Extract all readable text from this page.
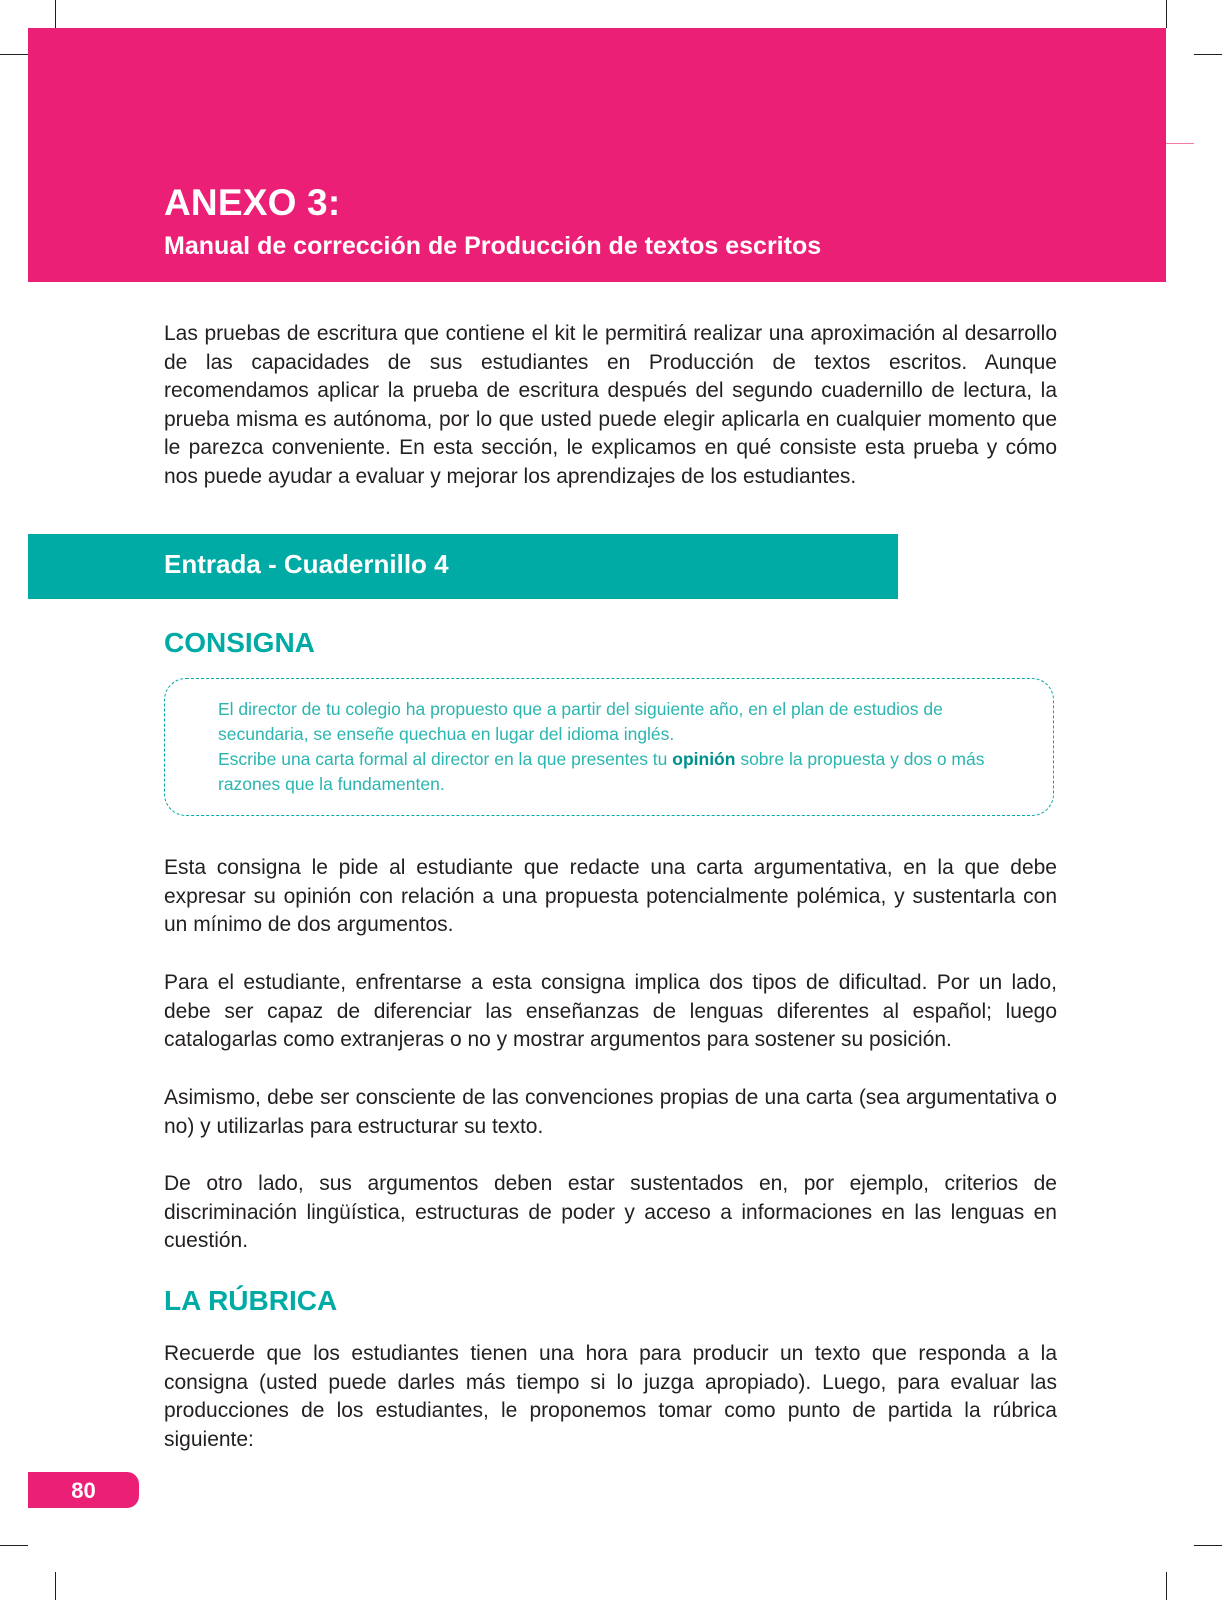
ANEXO 3:
Manual de corrección de Producción de textos escritos

Las pruebas de escritura que contiene el kit le permitirá realizar una aproximación al desarrollo de las capacidades de sus estudiantes en Producción de textos escritos. Aunque recomendamos aplicar la prueba de escritura después del segundo cuadernillo de lectura, la prueba misma es autónoma, por lo que usted puede elegir aplicarla en cualquier momento que le parezca conveniente. En esta sección, le explicamos en qué consiste esta prueba y cómo nos puede ayudar a evaluar y mejorar los aprendizajes de los estudiantes.

Entrada - Cuadernillo 4
CONSIGNA

El director de tu colegio ha propuesto que a partir del siguiente año, en el plan de estudios de secundaria, se enseñe quechua en lugar del idioma inglés.
Escribe una carta formal al director en la que presentes tu opinión sobre la propuesta y dos o más razones que la fundamenten.

Esta consigna le pide al estudiante que redacte una carta argumentativa, en la que debe expresar su opinión con relación a una propuesta potencialmente polémica, y sustentarla con un mínimo de dos argumentos.

Para el estudiante, enfrentarse a esta consigna implica dos tipos de dificultad. Por un lado, debe ser capaz de diferenciar las enseñanzas de lenguas diferentes al español; luego catalogarlas como extranjeras o no y mostrar argumentos para sostener su posición.

Asimismo, debe ser consciente de las convenciones propias de una carta (sea argumentativa o no) y utilizarlas para estructurar su texto.

De otro lado, sus argumentos deben estar sustentados en, por ejemplo, criterios de discriminación lingüística, estructuras de poder y acceso a informaciones en las lenguas en cuestión.

LA RÚBRICA

Recuerde que los estudiantes tienen una hora para producir un texto que responda a la consigna (usted puede darles más tiempo si lo juzga apropiado). Luego, para evaluar las producciones de los estudiantes, le proponemos tomar como punto de partida la rúbrica siguiente:

80
